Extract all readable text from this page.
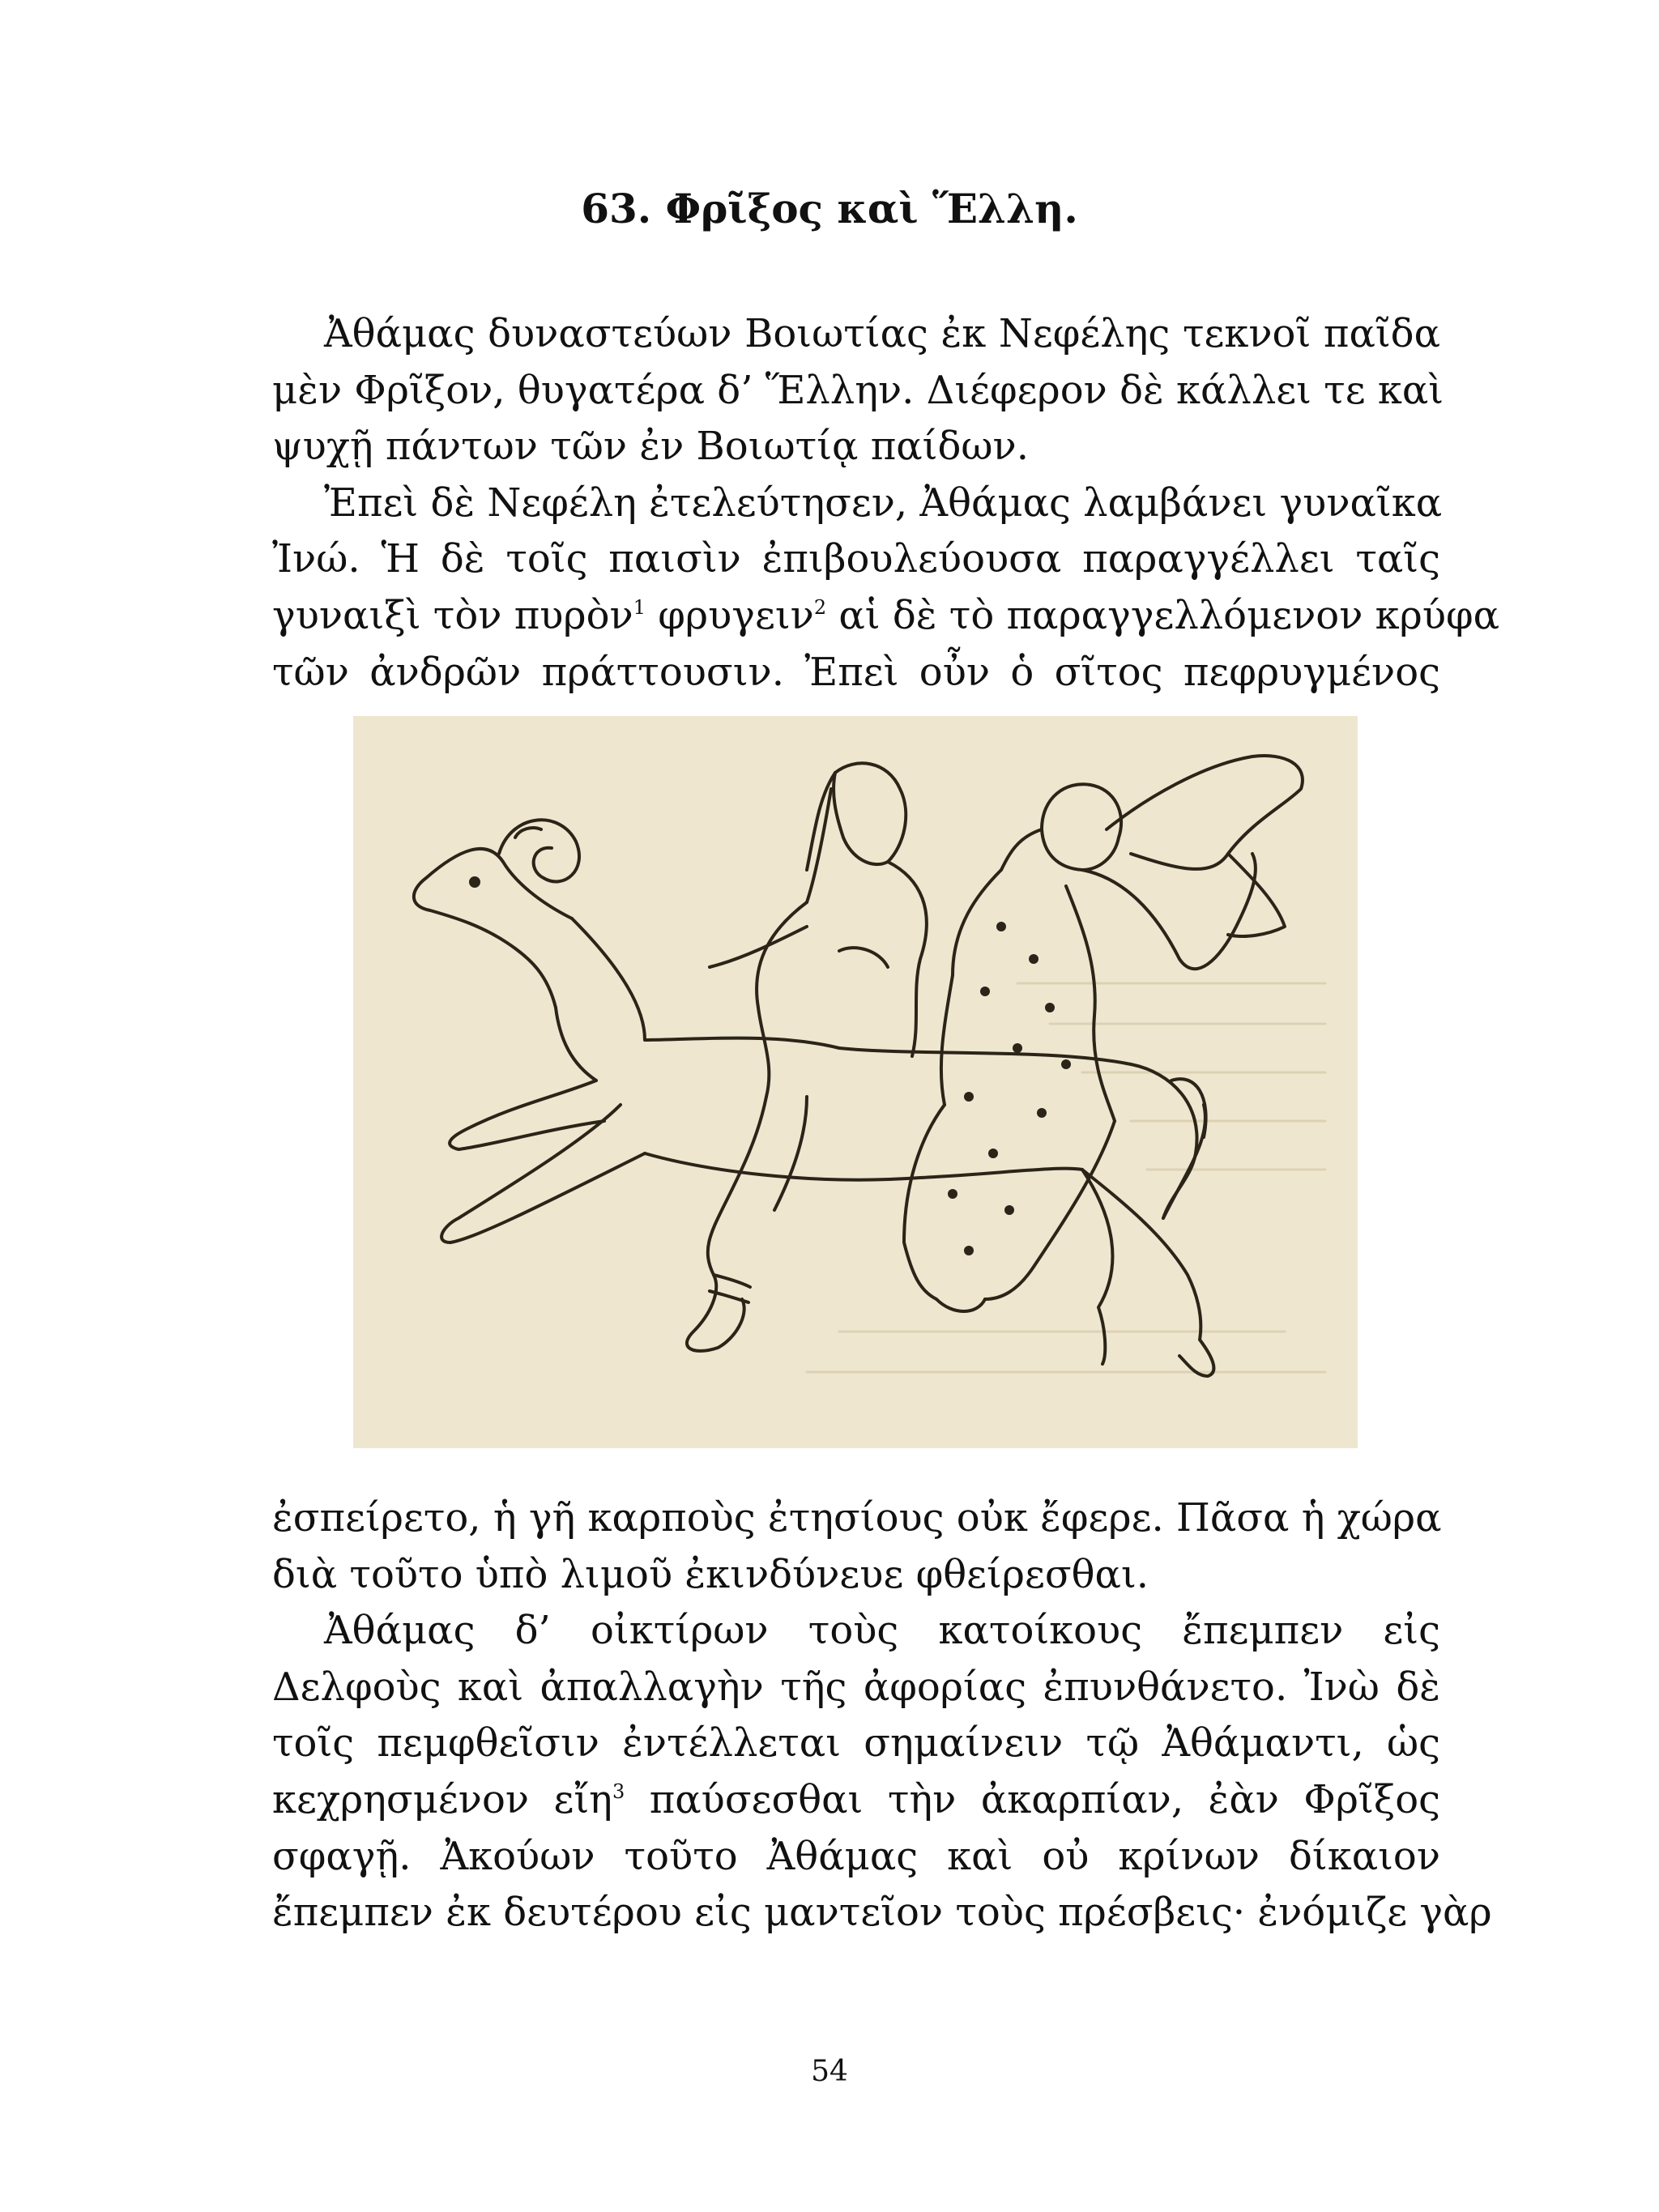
63. Φρῖξος καὶ Ἕλλη.
Ἀθάμας δυναστεύων Βοιωτίας ἐκ Νεφέλης τεκνοῖ παῖδα
μὲν Φρῖξον, θυγατέρα δ’ Ἕλλην. Διέφερον δὲ κάλλει τε καὶ
ψυχῇ πάντων τῶν ἐν Βοιωτίᾳ παίδων.
Ἐπεὶ δὲ Νεφέλη ἐτελεύτησεν, Ἀθάμας λαμβάνει γυναῖκα
Ἰνώ. Ἡ δὲ τοῖς παισὶν ἐπιβουλεύουσα παραγγέλλει ταῖς
γυναιξὶ τὸν πυρὸν$^1$ φρυγειν$^2$ αἱ δὲ τὸ παραγγελλόμενον κρύφα
τῶν ἀνδρῶν πράττουσιν. Ἐπεὶ οὖν ὁ σῖτος πεφρυγμένος
ἐσπείρετο, ἡ γῆ καρποὺς ἐτησίους οὐκ ἔφερε. Πᾶσα ἡ χώρα
διὰ τοῦτο ὑπὸ λιμοῦ ἐκινδύνευε φθείρεσθαι.
Ἀθάμας δ’ οἰκτίρων τοὺς κατοίκους ἔπεμπεν εἰς
Δελφοὺς καὶ ἀπαλλαγὴν τῆς ἀφορίας ἐπυνθάνετο. Ἰνὼ δὲ
τοῖς πεμφθεῖσιν ἐντέλλεται σημαίνειν τῷ Ἀθάμαντι, ὡς
κεχρησμένον εἴη$^3$ παύσεσθαι τὴν ἀκαρπίαν, ἐὰν Φρῖξος
σφαγῇ. Ἀκούων τοῦτο Ἀθάμας καὶ οὐ κρίνων δίκαιον
ἔπεμπεν ἐκ δευτέρου εἰς μαντεῖον τοὺς πρέσβεις· ἐνόμιζε γὰρ
54
